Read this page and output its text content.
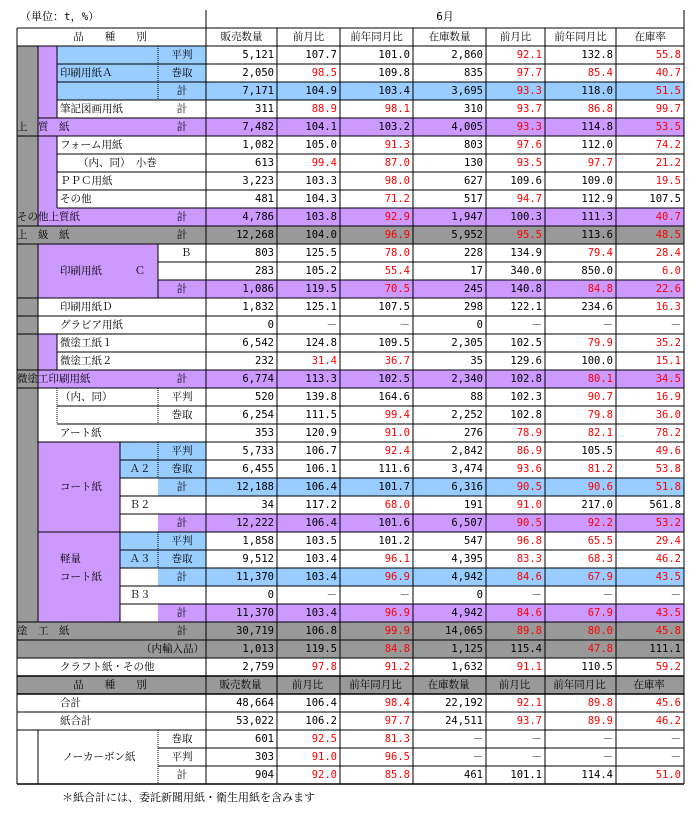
（単位：t，%）	6月
品　　種　　別	販売数量	前月比	前年同月比	在庫数量	前月比	前年同月比	在庫率
平判	5,121	107.7	101.0	2,860	92.1	132.8	55.8
印刷用紙Ａ	巻取	2,050	98.5	109.8	835	97.7	85.4	40.7
計	7,171	104.9	103.4	3,695	93.3	118.0	51.5
筆記図画用紙	計	311	88.9	98.1	310	93.7	86.8	99.7
上　質　紙	計	7,482	104.1	103.2	4,005	93.3	114.8	53.5
フォーム用紙	1,082	105.0	91.3	803	97.6	112.0	74.2
（内、同）　小巻	613	99.4	87.0	130	93.5	97.7	21.2
ＰＰＣ用紙	3,223	103.3	98.0	627	109.6	109.0	19.5
その他	481	104.3	71.2	517	94.7	112.9	107.5
その他上質紙	計	4,786	103.8	92.9	1,947	100.3	111.3	40.7
上　級　紙	計	12,268	104.0	96.9	5,952	95.5	113.6	48.5
Ｂ	803	125.5	78.0	228	134.9	79.4	28.4
印刷用紙	Ｃ	283	105.2	55.4	17	340.0	850.0	6.0
計	1,086	119.5	70.5	245	140.8	84.8	22.6
印刷用紙Ｄ	1,832	125.1	107.5	298	122.1	234.6	16.3
グラビア用紙	0	－	－	0	－	－	－
微塗工紙１	6,542	124.8	109.5	2,305	102.5	79.9	35.2
微塗工紙２	232	31.4	36.7	35	129.6	100.0	15.1
微塗工印刷用紙	計	6,774	113.3	102.5	2,340	102.8	80.1	34.5
（内、同）	平判	520	139.8	164.6	88	102.3	90.7	16.9
巻取	6,254	111.5	99.4	2,252	102.8	79.8	36.0
アート紙	353	120.9	91.0	276	78.9	82.1	78.2
平判	5,733	106.7	92.4	2,842	86.9	105.5	49.6
Ａ２	巻取	6,455	106.1	111.6	3,474	93.6	81.2	53.8
コート紙	計	12,188	106.4	101.7	6,316	90.5	90.6	51.8
Ｂ２	34	117.2	68.0	191	91.0	217.0	561.8
計	12,222	106.4	101.6	6,507	90.5	92.2	53.2
平判	1,858	103.5	101.2	547	96.8	65.5	29.4
軽量	Ａ３	巻取	9,512	103.4	96.1	4,395	83.3	68.3	46.2
コート紙	計	11,370	103.4	96.9	4,942	84.6	67.9	43.5
Ｂ３	0	－	－	0	－	－	－
計	11,370	103.4	96.9	4,942	84.6	67.9	43.5
塗　工　紙	計	30,719	106.8	99.9	14,065	89.8	80.0	45.8
（内輸入品）	1,013	119.5	84.8	1,125	115.4	47.8	111.1
クラフト紙・その他	2,759	97.8	91.2	1,632	91.1	110.5	59.2
品　　種　　別	販売数量	前月比	前年同月比	在庫数量	前月比	前年同月比	在庫率
合計	48,664	106.4	98.4	22,192	92.1	89.8	45.6
紙合計	53,022	106.2	97.7	24,511	93.7	89.9	46.2
巻取	601	92.5	81.3	－	－	－	－
ノーカーボン紙	平判	303	91.0	96.5	－	－	－	－
計	904	92.0	85.8	461	101.1	114.4	51.0
＊紙合計には、委託新聞用紙・衛生用紙を含みます
